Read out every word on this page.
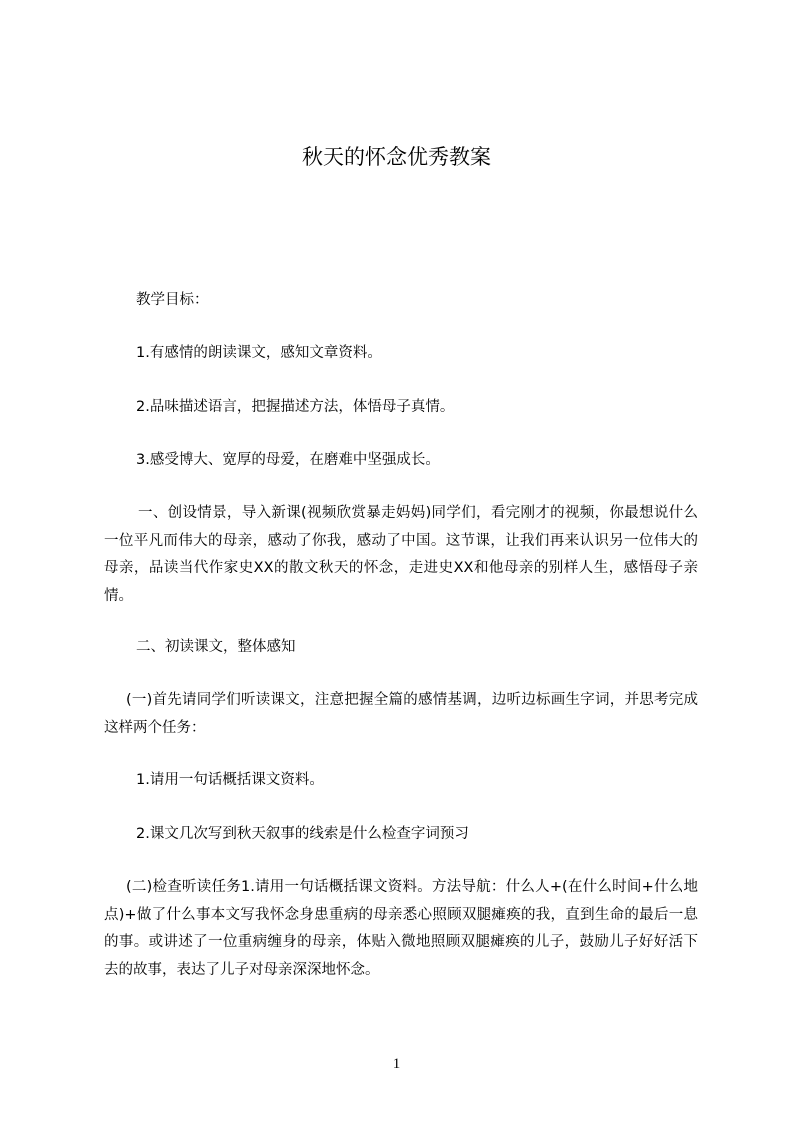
秋天的怀念优秀教案
教学目标：
1.有感情的朗读课文，感知文章资料。
2.品味描述语言，把握描述方法，体悟母子真情。
3.感受博大、宽厚的母爱，在磨难中坚强成长。
一、创设情景，导入新课(视频欣赏暴走妈妈)同学们，看完刚才的视频，你最想说什么一位平凡而伟大的母亲，感动了你我，感动了中国。这节课，让我们再来认识另一位伟大的母亲，品读当代作家史XX的散文秋天的怀念，走进史XX和他母亲的别样人生，感悟母子亲情。
二、初读课文，整体感知
(一)首先请同学们听读课文，注意把握全篇的感情基调，边听边标画生字词，并思考完成这样两个任务：
1.请用一句话概括课文资料。
2.课文几次写到秋天叙事的线索是什么检查字词预习
(二)检查听读任务1.请用一句话概括课文资料。方法导航：什么人+(在什么时间+什么地点)+做了什么事本文写我怀念身患重病的母亲悉心照顾双腿瘫痪的我，直到生命的最后一息的事。或讲述了一位重病缠身的母亲，体贴入微地照顾双腿瘫痪的儿子，鼓励儿子好好活下去的故事，表达了儿子对母亲深深地怀念。
1
